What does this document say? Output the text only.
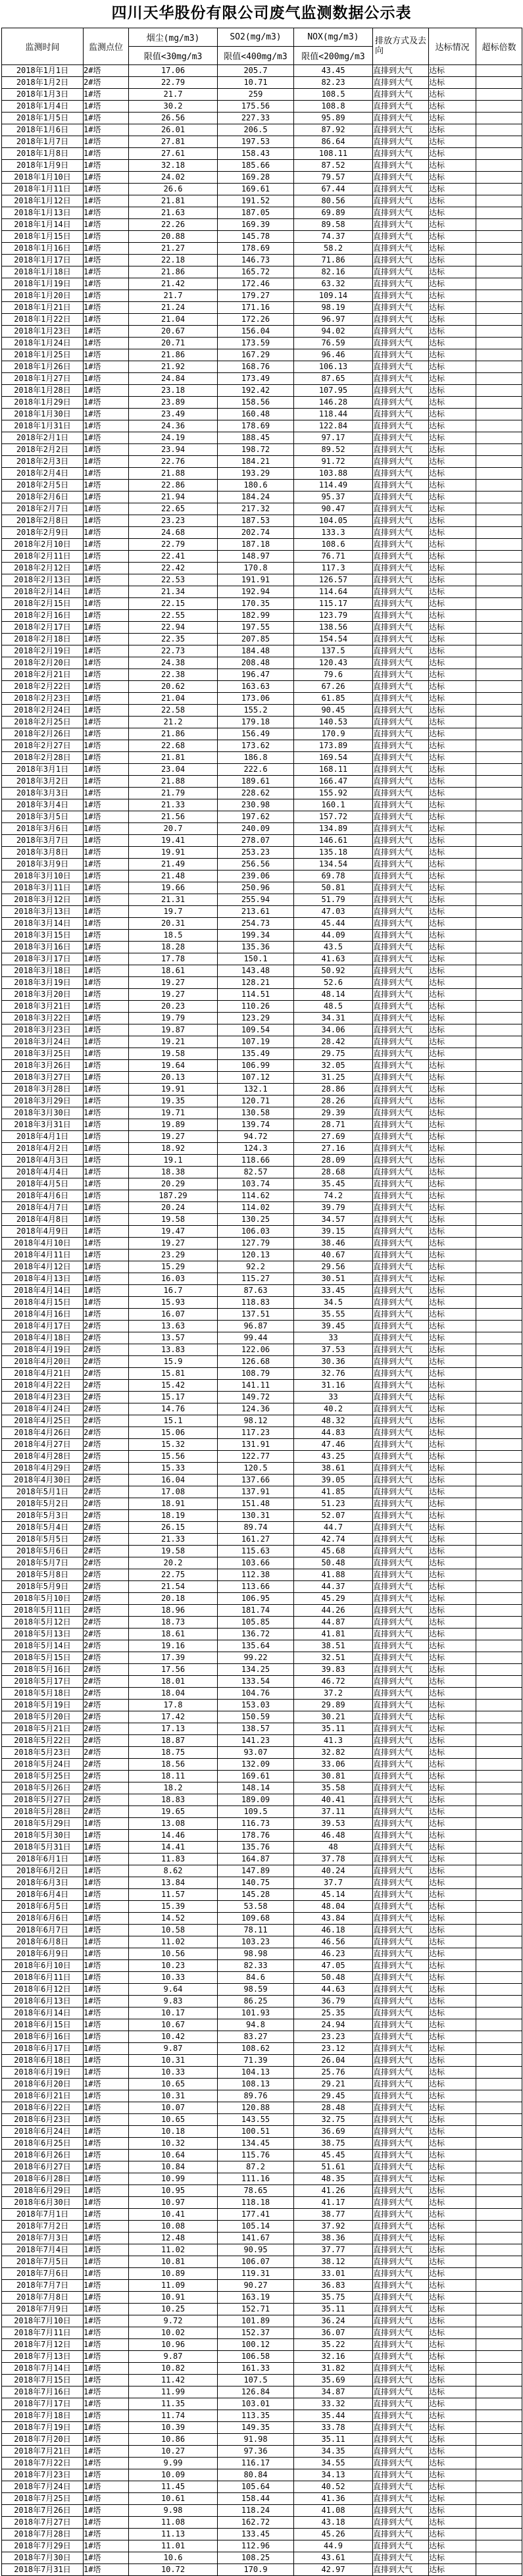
四川天华股份有限公司废气监测数据公示表
监测时间	监测点位	烟尘(mg/m3)	SO2(mg/m3)	NOX(mg/m3)	排放方式及去向	达标情况	超标倍数
		限值<30mg/m3	限值<400mg/m3	限值<200mg/m3			
2018年1月1日	2#塔	17.06	205.7	43.45	直排到大气	达标	
2018年1月2日	2#塔	22.79	10.71	82.23	直排到大气	达标	
2018年1月3日	1#塔	21.7	259	108.5	直排到大气	达标	
2018年1月4日	1#塔	30.2	175.56	108.8	直排到大气	达标	
2018年1月5日	1#塔	26.56	227.33	95.89	直排到大气	达标	
2018年1月6日	1#塔	26.01	206.5	87.92	直排到大气	达标	
2018年1月7日	1#塔	27.81	197.53	86.64	直排到大气	达标	
2018年1月8日	1#塔	27.61	158.43	108.11	直排到大气	达标	
2018年1月9日	1#塔	32.18	185.66	87.52	直排到大气	达标	
2018年1月10日	1#塔	24.02	169.28	79.57	直排到大气	达标	
2018年1月11日	1#塔	26.6	169.61	67.44	直排到大气	达标	
2018年1月12日	1#塔	21.81	191.52	80.56	直排到大气	达标	
2018年1月13日	1#塔	21.63	187.05	69.89	直排到大气	达标	
2018年1月14日	1#塔	22.26	169.39	89.58	直排到大气	达标	
2018年1月15日	1#塔	20.88	145.78	74.37	直排到大气	达标	
2018年1月16日	1#塔	21.27	178.69	58.2	直排到大气	达标	
2018年1月17日	1#塔	22.18	146.73	71.86	直排到大气	达标	
2018年1月18日	1#塔	21.86	165.72	82.16	直排到大气	达标	
2018年1月19日	1#塔	21.42	172.46	63.32	直排到大气	达标	
2018年1月20日	1#塔	21.7	179.27	109.14	直排到大气	达标	
2018年1月21日	1#塔	21.24	171.16	98.19	直排到大气	达标	
2018年1月22日	1#塔	21.04	172.26	96.97	直排到大气	达标	
2018年1月23日	1#塔	20.67	156.04	94.02	直排到大气	达标	
2018年1月24日	1#塔	20.71	173.59	76.59	直排到大气	达标	
2018年1月25日	1#塔	21.86	167.29	96.46	直排到大气	达标	
2018年1月26日	1#塔	21.92	168.76	106.13	直排到大气	达标	
2018年1月27日	1#塔	24.84	173.49	87.65	直排到大气	达标	
2018年1月28日	1#塔	23.18	192.42	107.95	直排到大气	达标	
2018年1月29日	1#塔	23.89	158.56	146.28	直排到大气	达标	
2018年1月30日	1#塔	23.49	160.48	118.44	直排到大气	达标	
2018年1月31日	1#塔	24.36	178.69	122.84	直排到大气	达标	
2018年2月1日	1#塔	24.19	188.45	97.17	直排到大气	达标	
2018年2月2日	1#塔	23.94	198.72	89.52	直排到大气	达标	
2018年2月3日	1#塔	22.76	184.21	91.72	直排到大气	达标	
2018年2月4日	1#塔	21.88	193.29	103.88	直排到大气	达标	
2018年2月5日	1#塔	22.86	180.6	114.49	直排到大气	达标	
2018年2月6日	1#塔	21.94	184.24	95.37	直排到大气	达标	
2018年2月7日	1#塔	22.65	217.32	90.47	直排到大气	达标	
2018年2月8日	1#塔	23.23	187.53	104.05	直排到大气	达标	
2018年2月9日	1#塔	24.68	202.74	133.3	直排到大气	达标	
2018年2月10日	1#塔	22.79	187.18	108.6	直排到大气	达标	
2018年2月11日	1#塔	22.41	148.97	76.71	直排到大气	达标	
2018年2月12日	1#塔	22.42	170.8	117.3	直排到大气	达标	
2018年2月13日	1#塔	22.53	191.91	126.57	直排到大气	达标	
2018年2月14日	1#塔	21.34	192.94	114.64	直排到大气	达标	
2018年2月15日	1#塔	22.15	170.35	115.17	直排到大气	达标	
2018年2月16日	1#塔	22.55	182.99	123.79	直排到大气	达标	
2018年2月17日	1#塔	22.94	197.55	138.56	直排到大气	达标	
2018年2月18日	1#塔	22.35	207.85	154.54	直排到大气	达标	
2018年2月19日	1#塔	22.73	184.48	137.5	直排到大气	达标	
2018年2月20日	1#塔	24.38	208.48	120.43	直排到大气	达标	
2018年2月21日	1#塔	22.38	196.47	79.6	直排到大气	达标	
2018年2月22日	1#塔	20.62	163.63	67.26	直排到大气	达标	
2018年2月23日	1#塔	21.04	173.06	61.85	直排到大气	达标	
2018年2月24日	1#塔	22.58	155.2	90.45	直排到大气	达标	
2018年2月25日	1#塔	21.2	179.18	140.53	直排到大气	达标	
2018年2月26日	1#塔	21.86	156.49	170.9	直排到大气	达标	
2018年2月27日	1#塔	22.68	173.62	173.89	直排到大气	达标	
2018年2月28日	1#塔	21.81	186.8	169.54	直排到大气	达标	
2018年3月1日	1#塔	23.04	222.6	168.11	直排到大气	达标	
2018年3月2日	1#塔	21.88	189.61	166.47	直排到大气	达标	
2018年3月3日	1#塔	21.79	228.62	155.92	直排到大气	达标	
2018年3月4日	1#塔	21.33	230.98	160.1	直排到大气	达标	
2018年3月5日	1#塔	21.56	197.62	157.72	直排到大气	达标	
2018年3月6日	1#塔	20.7	240.09	134.89	直排到大气	达标	
2018年3月7日	1#塔	19.41	278.07	146.61	直排到大气	达标	
2018年3月8日	1#塔	19.91	253.23	135.18	直排到大气	达标	
2018年3月9日	1#塔	21.49	256.56	134.54	直排到大气	达标	
2018年3月10日	1#塔	21.48	239.06	69.78	直排到大气	达标	
2018年3月11日	1#塔	19.66	250.96	50.81	直排到大气	达标	
2018年3月12日	1#塔	21.31	255.94	51.79	直排到大气	达标	
2018年3月13日	1#塔	19.7	213.61	47.03	直排到大气	达标	
2018年3月14日	1#塔	20.31	254.73	45.44	直排到大气	达标	
2018年3月15日	1#塔	18.5	199.34	44.09	直排到大气	达标	
2018年3月16日	1#塔	18.28	135.36	43.5	直排到大气	达标	
2018年3月17日	1#塔	17.78	150.1	41.63	直排到大气	达标	
2018年3月18日	1#塔	18.61	143.48	50.92	直排到大气	达标	
2018年3月19日	1#塔	19.27	128.21	52.6	直排到大气	达标	
2018年3月20日	1#塔	19.27	114.51	48.14	直排到大气	达标	
2018年3月21日	1#塔	20.23	110.26	48.5	直排到大气	达标	
2018年3月22日	1#塔	19.79	123.29	34.31	直排到大气	达标	
2018年3月23日	1#塔	19.87	109.54	34.06	直排到大气	达标	
2018年3月24日	1#塔	19.21	107.19	28.42	直排到大气	达标	
2018年3月25日	1#塔	19.58	135.49	29.75	直排到大气	达标	
2018年3月26日	1#塔	19.64	106.99	32.05	直排到大气	达标	
2018年3月27日	1#塔	20.13	107.12	31.25	直排到大气	达标	
2018年3月28日	1#塔	19.91	132.1	28.86	直排到大气	达标	
2018年3月29日	1#塔	19.35	120.71	28.26	直排到大气	达标	
2018年3月30日	1#塔	19.71	130.58	29.39	直排到大气	达标	
2018年3月31日	1#塔	19.89	139.74	28.71	直排到大气	达标	
2018年4月1日	1#塔	19.27	94.72	27.69	直排到大气	达标	
2018年4月2日	1#塔	18.92	124.3	27.16	直排到大气	达标	
2018年4月3日	1#塔	19.1	118.66	28.09	直排到大气	达标	
2018年4月4日	1#塔	18.38	82.57	28.68	直排到大气	达标	
2018年4月5日	1#塔	20.29	103.74	35.45	直排到大气	达标	
2018年4月6日	1#塔	187.29	114.62	74.2	直排到大气	达标	
2018年4月7日	1#塔	20.24	114.02	39.79	直排到大气	达标	
2018年4月8日	1#塔	19.58	130.25	34.57	直排到大气	达标	
2018年4月9日	1#塔	19.47	106.03	39.15	直排到大气	达标	
2018年4月10日	1#塔	19.27	127.79	38.46	直排到大气	达标	
2018年4月11日	1#塔	23.29	120.13	40.67	直排到大气	达标	
2018年4月12日	1#塔	15.29	92.2	29.56	直排到大气	达标	
2018年4月13日	1#塔	16.03	115.27	30.51	直排到大气	达标	
2018年4月14日	1#塔	16.7	87.63	33.45	直排到大气	达标	
2018年4月15日	1#塔	15.93	118.83	34.5	直排到大气	达标	
2018年4月16日	1#塔	16.07	137.51	35.55	直排到大气	达标	
2018年4月17日	2#塔	13.63	96.87	39.45	直排到大气	达标	
2018年4月18日	2#塔	13.57	99.44	33	直排到大气	达标	
2018年4月19日	2#塔	13.83	122.06	37.53	直排到大气	达标	
2018年4月20日	2#塔	15.9	126.68	30.36	直排到大气	达标	
2018年4月21日	2#塔	15.81	108.79	32.76	直排到大气	达标	
2018年4月22日	2#塔	15.42	141.11	31.16	直排到大气	达标	
2018年4月23日	2#塔	15.17	149.72	33	直排到大气	达标	
2018年4月24日	2#塔	14.76	124.36	40.2	直排到大气	达标	
2018年4月25日	2#塔	15.1	98.12	48.32	直排到大气	达标	
2018年4月26日	2#塔	15.06	117.23	44.83	直排到大气	达标	
2018年4月27日	2#塔	15.32	131.91	47.46	直排到大气	达标	
2018年4月28日	2#塔	15.56	122.77	43.25	直排到大气	达标	
2018年4月29日	2#塔	15.33	120.5	38.61	直排到大气	达标	
2018年4月30日	2#塔	16.04	137.66	39.05	直排到大气	达标	
2018年5月1日	2#塔	17.08	137.91	41.85	直排到大气	达标	
2018年5月2日	2#塔	18.91	151.48	51.23	直排到大气	达标	
2018年5月3日	2#塔	18.19	130.31	52.07	直排到大气	达标	
2018年5月4日	2#塔	26.15	89.74	44.7	直排到大气	达标	
2018年5月5日	2#塔	21.33	161.27	42.74	直排到大气	达标	
2018年5月6日	2#塔	19.58	115.63	45.68	直排到大气	达标	
2018年5月7日	2#塔	20.2	103.66	50.48	直排到大气	达标	
2018年5月8日	2#塔	22.75	112.38	41.88	直排到大气	达标	
2018年5月9日	2#塔	21.54	113.66	44.37	直排到大气	达标	
2018年5月10日	2#塔	20.18	106.95	45.29	直排到大气	达标	
2018年5月11日	2#塔	18.96	181.74	44.26	直排到大气	达标	
2018年5月12日	2#塔	18.73	105.85	44.87	直排到大气	达标	
2018年5月13日	2#塔	18.61	136.72	41.81	直排到大气	达标	
2018年5月14日	2#塔	19.16	135.64	38.51	直排到大气	达标	
2018年5月15日	2#塔	17.39	99.22	32.51	直排到大气	达标	
2018年5月16日	2#塔	17.56	134.25	39.83	直排到大气	达标	
2018年5月17日	2#塔	18.01	133.54	46.72	直排到大气	达标	
2018年5月18日	2#塔	18.04	104.76	37.2	直排到大气	达标	
2018年5月19日	2#塔	17.8	153.03	29.89	直排到大气	达标	
2018年5月20日	2#塔	17.42	150.59	30.21	直排到大气	达标	
2018年5月21日	2#塔	17.13	138.57	35.11	直排到大气	达标	
2018年5月22日	2#塔	18.87	141.23	41.3	直排到大气	达标	
2018年5月23日	2#塔	18.75	93.07	32.82	直排到大气	达标	
2018年5月24日	2#塔	18.56	132.09	33.06	直排到大气	达标	
2018年5月25日	2#塔	18.11	169.61	30.81	直排到大气	达标	
2018年5月26日	2#塔	18.2	148.14	35.58	直排到大气	达标	
2018年5月27日	2#塔	18.83	189.09	40.41	直排到大气	达标	
2018年5月28日	2#塔	19.65	109.5	37.11	直排到大气	达标	
2018年5月29日	1#塔	13.08	116.73	39.53	直排到大气	达标	
2018年5月30日	1#塔	14.46	178.76	46.48	直排到大气	达标	
2018年5月31日	1#塔	14.41	135.76	48	直排到大气	达标	
2018年6月1日	1#塔	11.83	164.87	37.78	直排到大气	达标	
2018年6月2日	1#塔	8.62	147.89	40.24	直排到大气	达标	
2018年6月3日	1#塔	13.84	140.75	37.7	直排到大气	达标	
2018年6月4日	1#塔	11.57	145.28	45.14	直排到大气	达标	
2018年6月5日	1#塔	15.39	53.58	48.04	直排到大气	达标	
2018年6月6日	1#塔	14.52	109.68	43.84	直排到大气	达标	
2018年6月7日	1#塔	10.58	78.11	46.18	直排到大气	达标	
2018年6月8日	1#塔	11.02	103.23	46.56	直排到大气	达标	
2018年6月9日	1#塔	10.56	98.98	46.23	直排到大气	达标	
2018年6月10日	1#塔	10.23	82.33	47.05	直排到大气	达标	
2018年6月11日	1#塔	10.33	84.6	50.48	直排到大气	达标	
2018年6月12日	1#塔	9.64	98.59	44.63	直排到大气	达标	
2018年6月13日	1#塔	9.83	86.25	36.79	直排到大气	达标	
2018年6月14日	1#塔	10.17	101.93	25.35	直排到大气	达标	
2018年6月15日	1#塔	10.67	94.8	24.94	直排到大气	达标	
2018年6月16日	1#塔	10.42	83.27	23.23	直排到大气	达标	
2018年6月17日	1#塔	9.87	108.62	23.12	直排到大气	达标	
2018年6月18日	1#塔	10.31	71.39	26.04	直排到大气	达标	
2018年6月19日	1#塔	10.33	104.13	25.76	直排到大气	达标	
2018年6月20日	1#塔	10.65	108.13	29.21	直排到大气	达标	
2018年6月21日	1#塔	10.31	89.76	29.45	直排到大气	达标	
2018年6月22日	1#塔	10.07	120.88	28.48	直排到大气	达标	
2018年6月23日	1#塔	10.65	143.55	32.75	直排到大气	达标	
2018年6月24日	1#塔	10.18	100.51	36.69	直排到大气	达标	
2018年6月25日	1#塔	10.32	134.45	38.75	直排到大气	达标	
2018年6月26日	1#塔	10.64	115.76	45.45	直排到大气	达标	
2018年6月27日	1#塔	10.84	87.2	51.61	直排到大气	达标	
2018年6月28日	1#塔	10.99	111.16	48.35	直排到大气	达标	
2018年6月29日	1#塔	10.95	78.65	41.26	直排到大气	达标	
2018年6月30日	1#塔	10.97	118.18	41.17	直排到大气	达标	
2018年7月1日	1#塔	10.41	177.41	38.77	直排到大气	达标	
2018年7月2日	1#塔	10.08	105.14	37.92	直排到大气	达标	
2018年7月3日	1#塔	12.48	141.67	38.36	直排到大气	达标	
2018年7月4日	1#塔	11.02	90.95	37.77	直排到大气	达标	
2018年7月5日	1#塔	10.81	106.07	38.12	直排到大气	达标	
2018年7月6日	1#塔	10.89	119.31	33.01	直排到大气	达标	
2018年7月7日	1#塔	11.09	90.27	36.83	直排到大气	达标	
2018年7月8日	1#塔	10.91	163.19	35.75	直排到大气	达标	
2018年7月9日	1#塔	10.25	152.71	35.11	直排到大气	达标	
2018年7月10日	1#塔	9.72	101.89	36.24	直排到大气	达标	
2018年7月11日	1#塔	10.02	152.37	36.07	直排到大气	达标	
2018年7月12日	1#塔	10.96	100.12	35.22	直排到大气	达标	
2018年7月13日	1#塔	9.87	106.58	32.16	直排到大气	达标	
2018年7月14日	1#塔	10.82	161.33	31.82	直排到大气	达标	
2018年7月15日	1#塔	11.42	107.5	35.69	直排到大气	达标	
2018年7月16日	1#塔	11.99	126.84	34.87	直排到大气	达标	
2018年7月17日	1#塔	11.35	103.01	33.32	直排到大气	达标	
2018年7月18日	1#塔	11.74	113.35	35.44	直排到大气	达标	
2018年7月19日	1#塔	10.39	149.35	33.78	直排到大气	达标	
2018年7月20日	1#塔	10.86	91.98	35.11	直排到大气	达标	
2018年7月21日	1#塔	10.27	97.36	34.35	直排到大气	达标	
2018年7月22日	1#塔	9.99	116.17	34.55	直排到大气	达标	
2018年7月23日	1#塔	10.09	80.84	34.13	直排到大气	达标	
2018年7月24日	1#塔	11.45	105.64	40.52	直排到大气	达标	
2018年7月25日	1#塔	10.61	158.44	41.36	直排到大气	达标	
2018年7月26日	1#塔	9.98	118.24	41.08	直排到大气	达标	
2018年7月27日	1#塔	11.08	162.72	43.18	直排到大气	达标	
2018年7月28日	1#塔	11.13	133.45	45.26	直排到大气	达标	
2018年7月29日	1#塔	11.01	112.96	44.9	直排到大气	达标	
2018年7月30日	1#塔	10.6	108.25	43.61	直排到大气	达标	
2018年7月31日	1#塔	10.72	170.9	42.97	直排到大气	达标	
